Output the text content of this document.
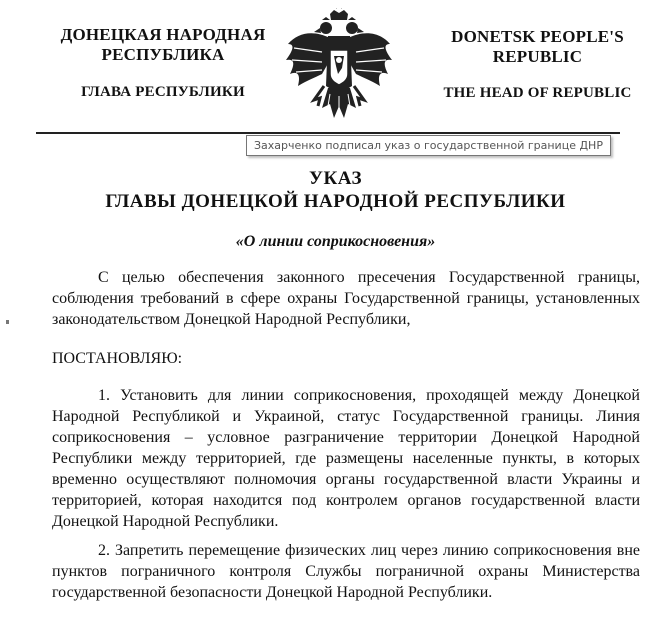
ДОНЕЦКАЯ НАРОДНАЯ РЕСПУБЛИКА
ГЛАВА РЕСПУБЛИКИ
DONETSK PEOPLE'S REPUBLIC
THE HEAD OF REPUBLIC
Захарченко подписал указ о государственной границе ДНР
УКАЗ
ГЛАВЫ ДОНЕЦКОЙ НАРОДНОЙ РЕСПУБЛИКИ
«О линии соприкосновения»
С целью обеспечения законного пресечения Государственной границы, соблюдения требований в сфере охраны Государственной границы, установленных законодательством Донецкой Народной Республики,
ПОСТАНОВЛЯЮ:
1. Установить для линии соприкосновения, проходящей между Донецкой Народной Республикой и Украиной, статус Государственной границы. Линия соприкосновения – условное разграничение территории Донецкой Народной Республики между территорией, где размещены населенные пункты, в которых временно осуществляют полномочия органы государственной власти Украины и территорией, которая находится под контролем органов государственной власти Донецкой Народной Республики.
2. Запретить перемещение физических лиц через линию соприкосновения вне пунктов пограничного контроля Службы пограничной охраны Министерства государственной безопасности Донецкой Народной Республики.
